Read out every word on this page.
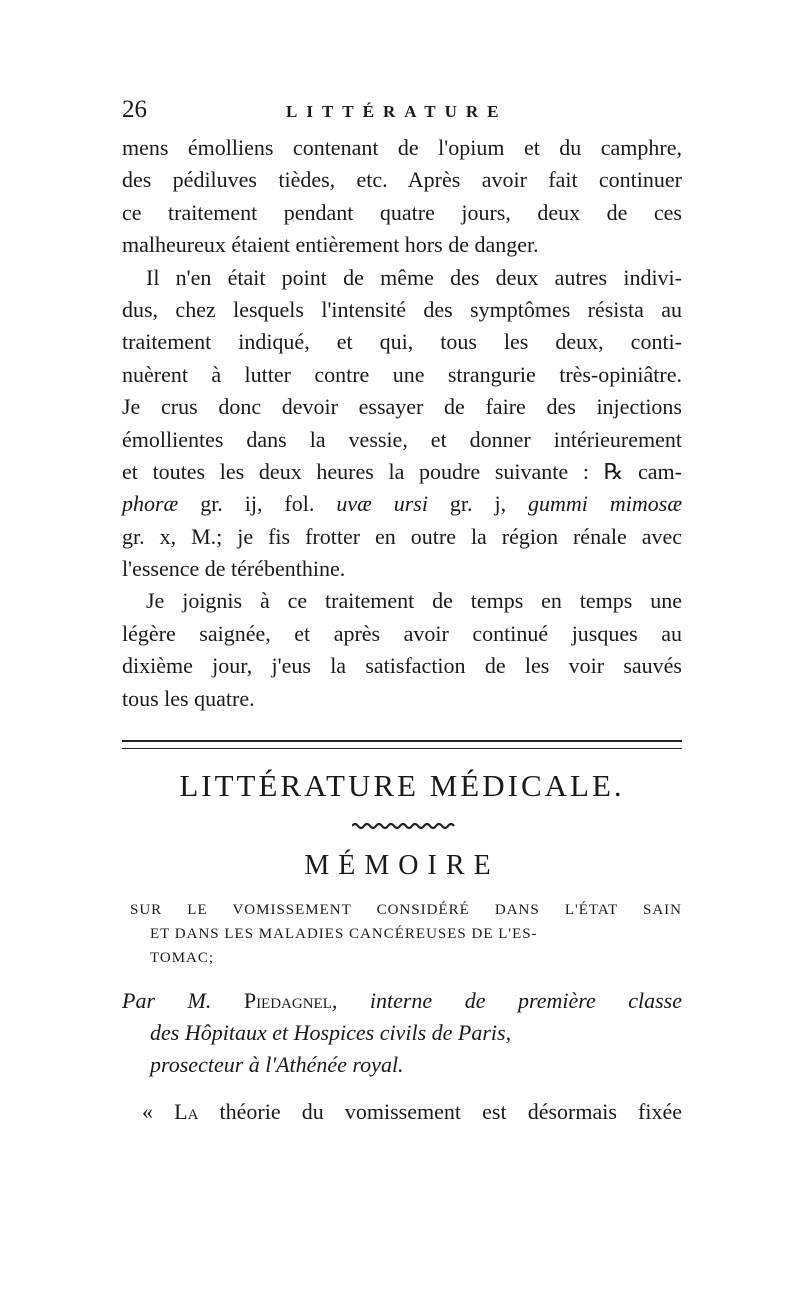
26	LITTÉRATURE
mens émolliens contenant de l'opium et du camphre,
des pédiluves tièdes, etc. Après avoir fait continuer
ce traitement pendant quatre jours, deux de ces
malheureux étaient entièrement hors de danger.
Il n'en était point de même des deux autres indivi-
dus, chez lesquels l'intensité des symptômes résista au
traitement indiqué, et qui, tous les deux, conti-
nuèrent à lutter contre une strangurie très-opiniâtre.
Je crus donc devoir essayer de faire des injections
émollientes dans la vessie, et donner intérieurement
et toutes les deux heures la poudre suivante : ℞ cam-
phoræ gr. ij, fol. uvæ ursi gr. j, gummi mimosæ
gr. x, M.; je fis frotter en outre la région rénale avec
l'essence de térébenthine.
Je joignis à ce traitement de temps en temps une
légère saignée, et après avoir continué jusques au
dixième jour, j'eus la satisfaction de les voir sauvés
tous les quatre.
LITTÉRATURE MÉDICALE.
MÉMOIRE
SUR LE VOMISSEMENT CONSIDÉRÉ DANS L'ÉTAT SAIN
ET DANS LES MALADIES CANCÉREUSES DE L'ES-
TOMAC;
Par M. Piedagnel, interne de première classe
des Hôpitaux et Hospices civils de Paris,
prosecteur à l'Athénée royal.
« La théorie du vomissement est désormais fixée
